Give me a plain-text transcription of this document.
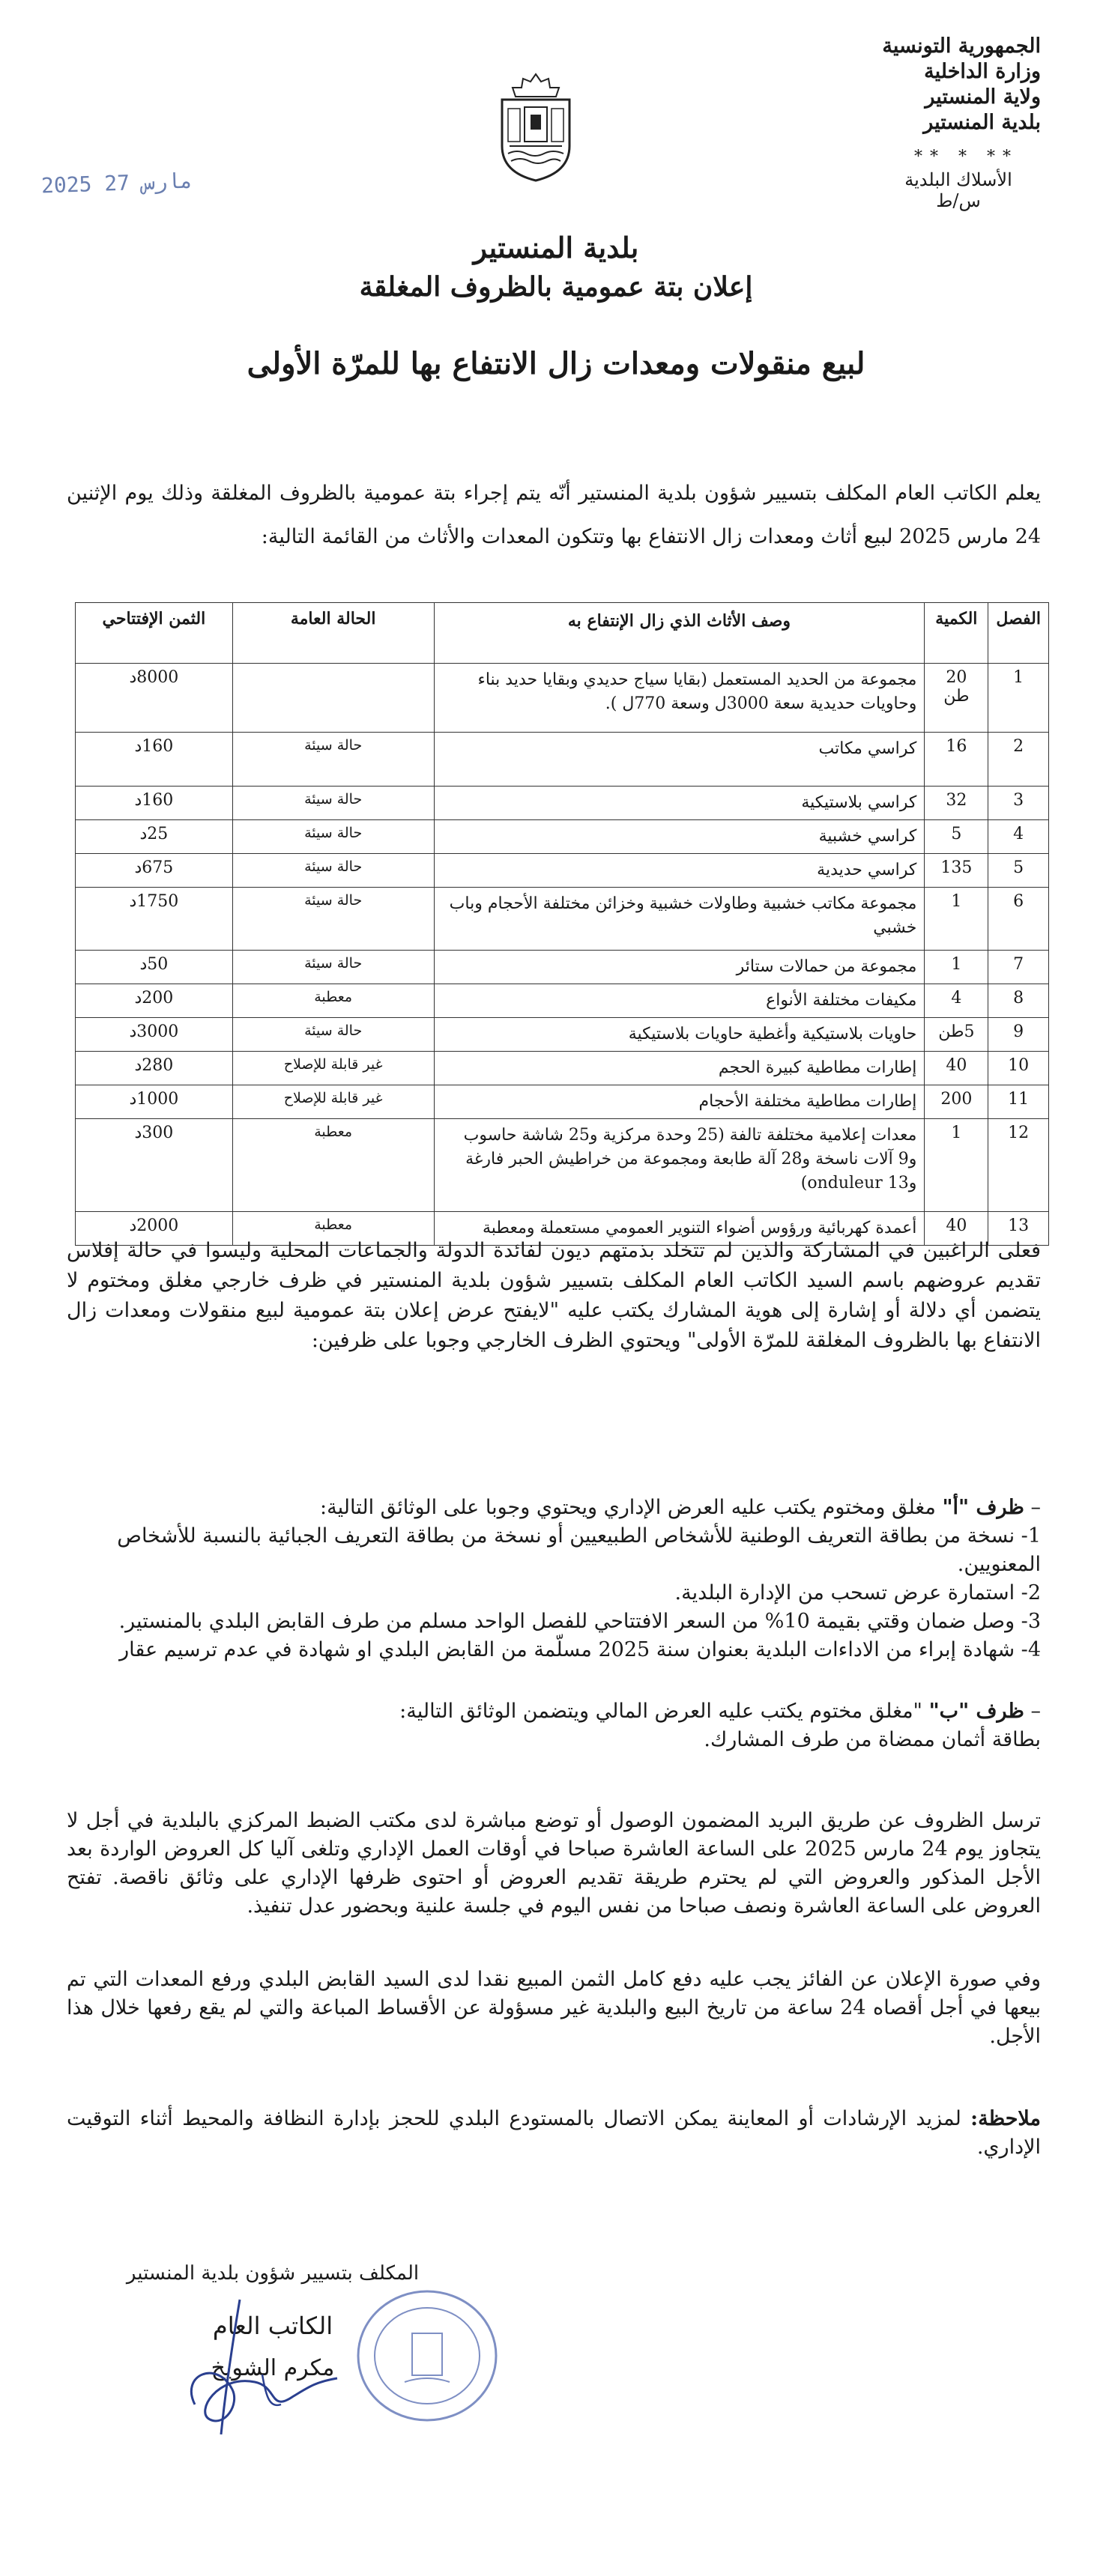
الجمهورية التونسية

وزارة الداخلية

ولاية المنستير

بلدية المنستير

** * **
الأسلاك البلدية
س/ط
2025 مارس 27
بلدية المنستير
إعلان بتة عمومية بالظروف المغلقة
لبيع منقولات ومعدات زال الانتفاع بها للمرّة الأولى

يعلم الكاتب العام المكلف بتسيير شؤون بلدية المنستير أنّه يتم إجراء بتة عمومية بالظروف المغلقة وذلك يوم الإثنين 24 مارس 2025 لبيع أثاث ومعدات زال الانتفاع بها وتتكون المعدات والأثاث من القائمة التالية:

الفصل	الكمية	وصف الأثاث الذي زال الإنتفاع به	الحالة العامة	الثمن الإفتتاحي
1	20 طن	مجموعة من الحديد المستعمل (بقايا سياج حديدي وبقايا حديد بناء وحاويات حديدية سعة 3000ل وسعة 770ل ).		8000د
2	16	كراسي مكاتب	حالة سيئة	160د
3	32	كراسي بلاستيكية	حالة سيئة	160د
4	5	كراسي خشبية	حالة سيئة	25د
5	135	كراسي حديدية	حالة سيئة	675د
6	1	مجموعة مكاتب خشبية وطاولات خشبية وخزائن مختلفة الأحجام وباب خشبي	حالة سيئة	1750د
7	1	مجموعة من حمالات ستائر	حالة سيئة	50د
8	4	مكيفات مختلفة الأنواع	معطبة	200د
9	5طن	حاويات بلاستيكية وأغطية حاويات بلاستيكية	حالة سيئة	3000د
10	40	إطارات مطاطية كبيرة الحجم	غير قابلة للإصلاح	280د
11	200	إطارات مطاطية مختلفة الأحجام	غير قابلة للإصلاح	1000د
12	1	معدات إعلامية مختلفة تالفة (25 وحدة مركزية و25 شاشة حاسوب و9 آلات ناسخة و28 آلة طابعة ومجموعة من خراطيش الحبر فارغة و13 onduleur)	معطبة	300د
13	40	أعمدة كهربائية ورؤوس أضواء التنوير العمومي مستعملة ومعطبة	معطبة	2000د

فعلى الراغبين في المشاركة والذين لم تتخلد بذمتهم ديون لفائدة الدولة والجماعات المحلية وليسوا في حالة إفلاس تقديم عروضهم باسم السيد الكاتب العام المكلف بتسيير شؤون بلدية المنستير في ظرف خارجي مغلق ومختوم لا يتضمن أي دلالة أو إشارة إلى هوية المشارك يكتب عليه "لايفتح عرض إعلان بتة عمومية لبيع منقولات ومعدات زال الانتفاع بها بالظروف المغلقة للمرّة الأولى" ويحتوي الظرف الخارجي وجوبا على ظرفين:

– ظرف "أ" مغلق ومختوم يكتب عليه العرض الإداري ويحتوي وجوبا على الوثائق التالية:

1- نسخة من بطاقة التعريف الوطنية للأشخاص الطبيعيين أو نسخة من بطاقة التعريف الجبائية بالنسبة للأشخاص المعنويين.

2- استمارة عرض تسحب من الإدارة البلدية.

3- وصل ضمان وقتي بقيمة 10% من السعر الافتتاحي للفصل الواحد مسلم من طرف القابض البلدي بالمنستير.

4- شهادة إبراء من الاداءات البلدية بعنوان سنة 2025 مسلّمة من القابض البلدي او شهادة في عدم ترسيم عقار

– ظرف "ب" "مغلق مختوم يكتب عليه العرض المالي ويتضمن الوثائق التالية:

بطاقة أثمان ممضاة من طرف المشارك.

ترسل الظروف عن طريق البريد المضمون الوصول أو توضع مباشرة لدى مكتب الضبط المركزي بالبلدية في أجل لا يتجاوز يوم 24 مارس 2025 على الساعة العاشرة صباحا في أوقات العمل الإداري وتلغى آليا كل العروض الواردة بعد الأجل المذكور والعروض التي لم يحترم طريقة تقديم العروض أو احتوى ظرفها الإداري على وثائق ناقصة. تفتح العروض على الساعة العاشرة ونصف صباحا من نفس اليوم في جلسة علنية وبحضور عدل تنفيذ.

وفي صورة الإعلان عن الفائز يجب عليه دفع كامل الثمن المبيع نقدا لدى السيد القابض البلدي ورفع المعدات التي تم بيعها في أجل أقصاه 24 ساعة من تاريخ البيع والبلدية غير مسؤولة عن الأقساط المباعة والتي لم يقع رفعها خلال هذا الأجل.

ملاحظة: لمزيد الإرشادات أو المعاينة يمكن الاتصال بالمستودع البلدي للحجز بإدارة النظافة والمحيط أثناء التوقيت الإداري.

المكلف بتسيير شؤون بلدية المنستير

الكاتب العام
مكرم الشويخ
